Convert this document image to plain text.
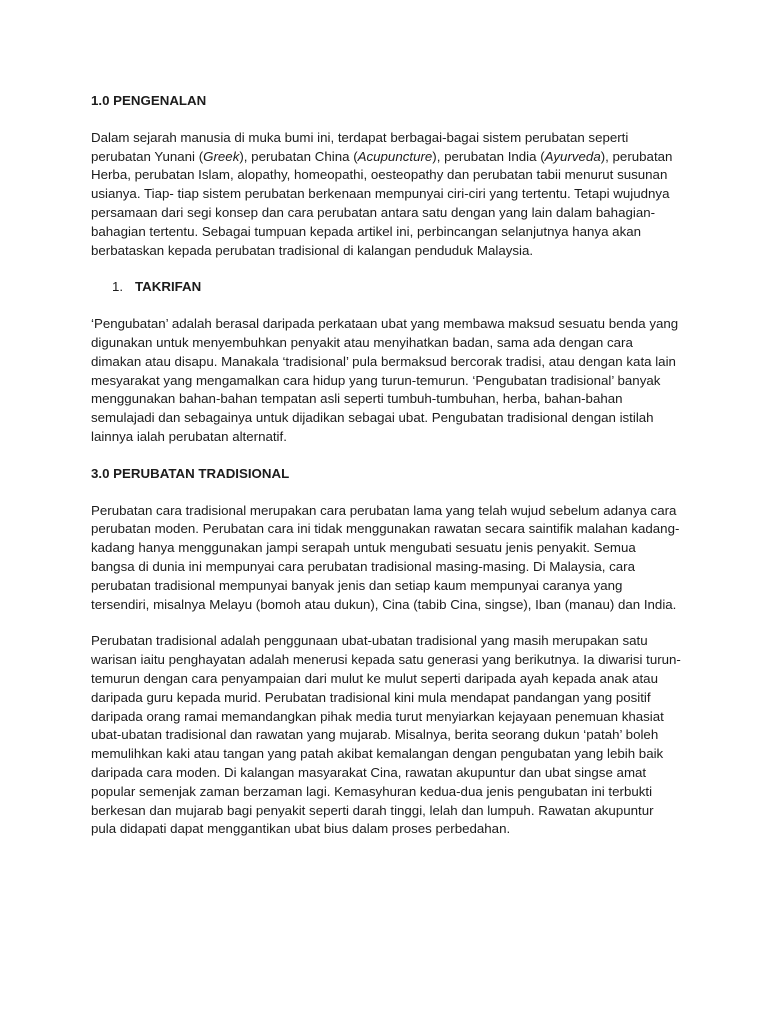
1.0 PENGENALAN

Dalam sejarah manusia di muka bumi ini, terdapat berbagai-bagai sistem perubatan seperti perubatan Yunani (Greek), perubatan China (Acupuncture), perubatan India (Ayurveda), perubatan Herba, perubatan Islam, alopathy, homeopathi, oesteopathy dan perubatan tabii menurut susunan usianya. Tiap- tiap sistem perubatan berkenaan mempunyai ciri-ciri yang tertentu. Tetapi wujudnya persamaan dari segi konsep dan cara perubatan antara satu dengan yang lain dalam bahagian-bahagian tertentu. Sebagai tumpuan kepada artikel ini, perbincangan selanjutnya hanya akan berbataskan kepada perubatan tradisional di kalangan penduduk Malaysia.

1. TAKRIFAN

‘Pengubatan’ adalah berasal daripada perkataan ubat yang membawa maksud sesuatu benda yang digunakan untuk menyembuhkan penyakit atau menyihatkan badan, sama ada dengan cara dimakan atau disapu. Manakala ‘tradisional’ pula bermaksud bercorak tradisi, atau dengan kata lain mesyarakat yang mengamalkan cara hidup yang turun-temurun. ‘Pengubatan tradisional’ banyak menggunakan bahan-bahan tempatan asli seperti tumbuh-tumbuhan, herba, bahan-bahan semulajadi dan sebagainya untuk dijadikan sebagai ubat. Pengubatan tradisional dengan istilah lainnya ialah perubatan alternatif.

3.0 PERUBATAN TRADISIONAL

Perubatan cara tradisional merupakan cara perubatan lama yang telah wujud sebelum adanya cara perubatan moden. Perubatan cara ini tidak menggunakan rawatan secara saintifik malahan kadang-kadang hanya menggunakan jampi serapah untuk mengubati sesuatu jenis penyakit. Semua bangsa di dunia ini mempunyai cara perubatan tradisional masing-masing. Di Malaysia, cara perubatan tradisional mempunyai banyak jenis dan setiap kaum mempunyai caranya yang tersendiri, misalnya Melayu (bomoh atau dukun), Cina (tabib Cina, singse), Iban (manau) dan India.

Perubatan tradisional adalah penggunaan ubat-ubatan tradisional yang masih merupakan satu warisan iaitu penghayatan adalah menerusi kepada satu generasi yang berikutnya. Ia diwarisi turun-temurun dengan cara penyampaian dari mulut ke mulut seperti daripada ayah kepada anak atau daripada guru kepada murid. Perubatan tradisional kini mula mendapat pandangan yang positif daripada orang ramai memandangkan pihak media turut menyiarkan kejayaan penemuan khasiat ubat-ubatan tradisional dan rawatan yang mujarab. Misalnya, berita seorang dukun ‘patah’ boleh memulihkan kaki atau tangan yang patah akibat kemalangan dengan pengubatan yang lebih baik daripada cara moden. Di kalangan masyarakat Cina, rawatan akupuntur dan ubat singse amat popular semenjak zaman berzaman lagi. Kemasyhuran kedua-dua jenis pengubatan ini terbukti berkesan dan mujarab bagi penyakit seperti darah tinggi, lelah dan lumpuh. Rawatan akupuntur pula didapati dapat menggantikan ubat bius dalam proses perbedahan.
